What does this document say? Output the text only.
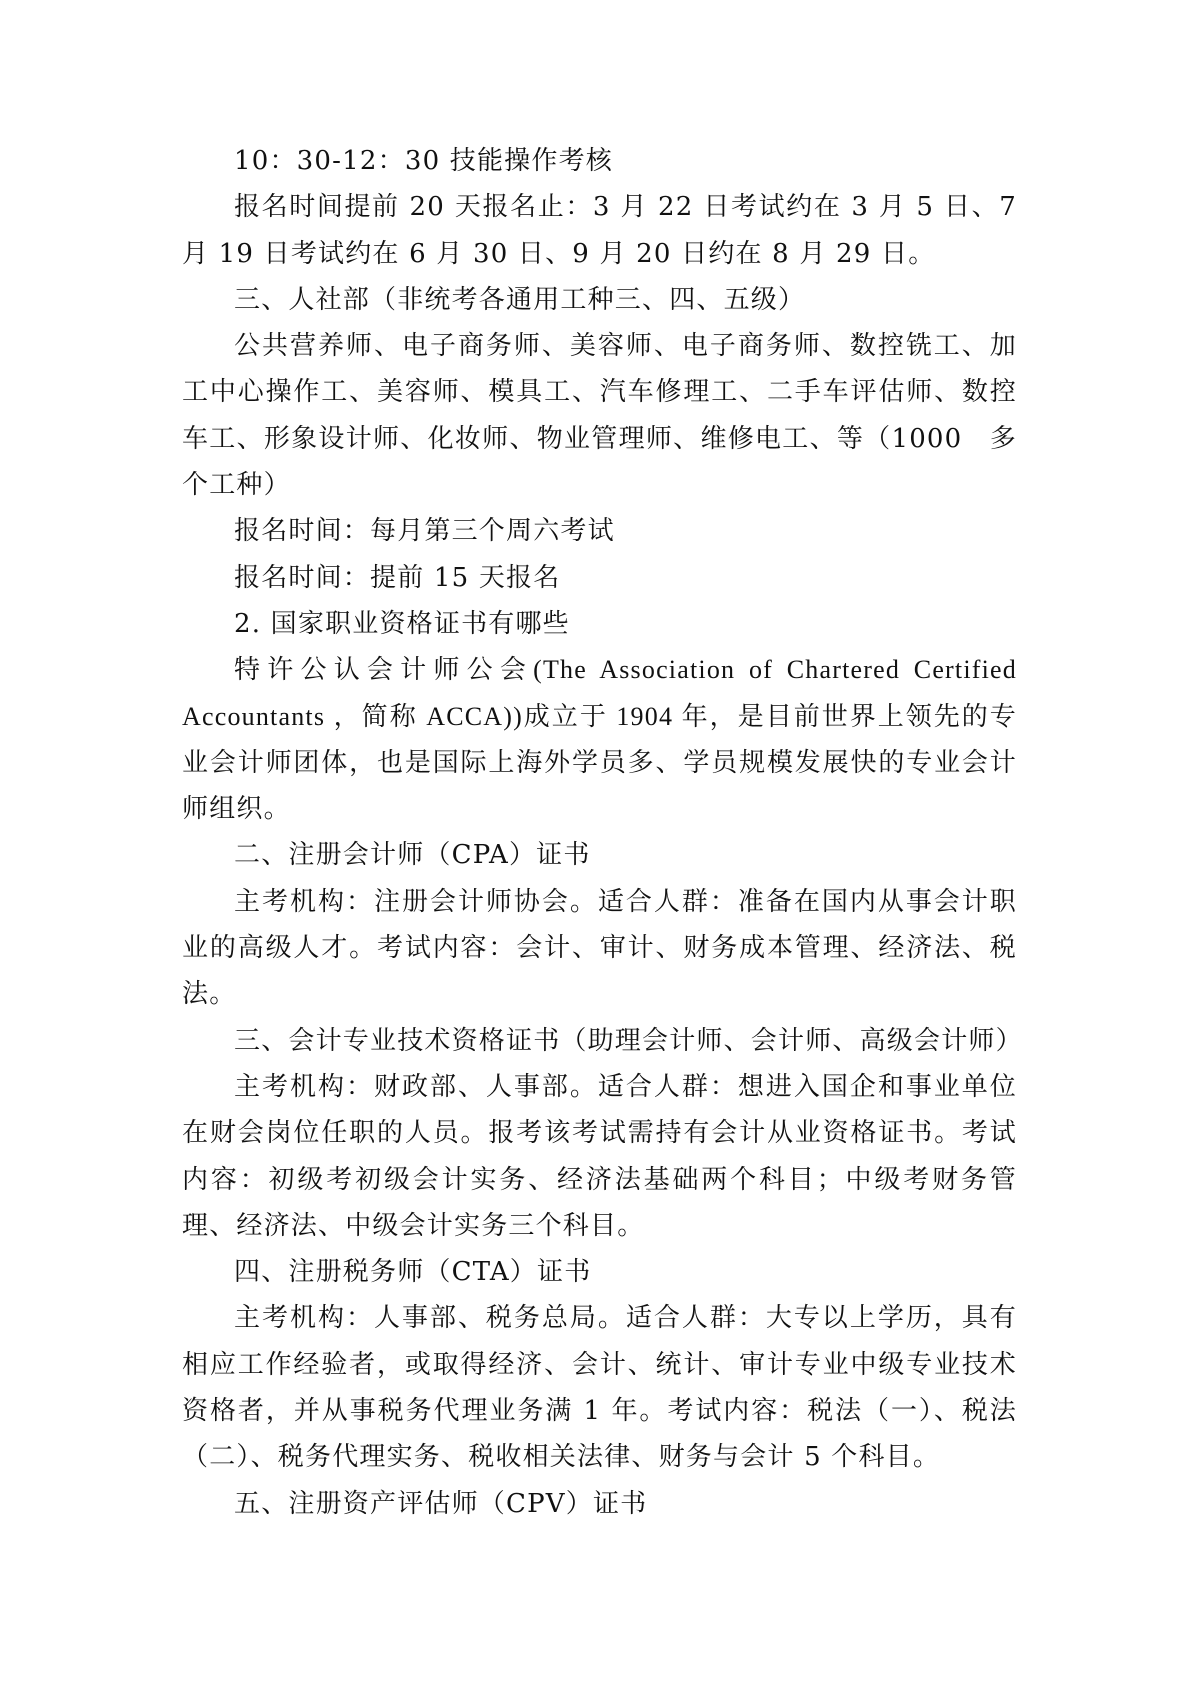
10：30-12：30 技能操作考核

报名时间提前 20 天报名止：3 月 22 日考试约在 3 月 5 日、7 月 19 日考试约在 6 月 30 日、9 月 20 日约在 8 月 29 日。

三、人社部（非统考各通用工种三、四、五级）

公共营养师、电子商务师、美容师、电子商务师、数控铣工、加工中心操作工、美容师、模具工、汽车修理工、二手车评估师、数控车工、形象设计师、化妆师、物业管理师、维修电工、等（1000　多个工种）

报名时间：每月第三个周六考试

报名时间：提前 15 天报名

2. 国家职业资格证书有哪些

特许公认会计师公会(The Association of Chartered Certified Accountants ，简称 ACCA))成立于 1904 年，是目前世界上领先的专业会计师团体，也是国际上海外学员多、学员规模发展快的专业会计师组织。

二、注册会计师（CPA）证书

主考机构：注册会计师协会。适合人群：准备在国内从事会计职业的高级人才。考试内容：会计、审计、财务成本管理、经济法、税法。

三、会计专业技术资格证书（助理会计师、会计师、高级会计师）

主考机构：财政部、人事部。适合人群：想进入国企和事业单位在财会岗位任职的人员。报考该考试需持有会计从业资格证书。考试内容：初级考初级会计实务、经济法基础两个科目；中级考财务管理、经济法、中级会计实务三个科目。

四、注册税务师（CTA）证书

主考机构：人事部、税务总局。适合人群：大专以上学历，具有相应工作经验者，或取得经济、会计、统计、审计专业中级专业技术资格者，并从事税务代理业务满 1 年。考试内容：税法（一）、税法（二）、税务代理实务、税收相关法律、财务与会计 5 个科目。

五、注册资产评估师（CPV）证书
